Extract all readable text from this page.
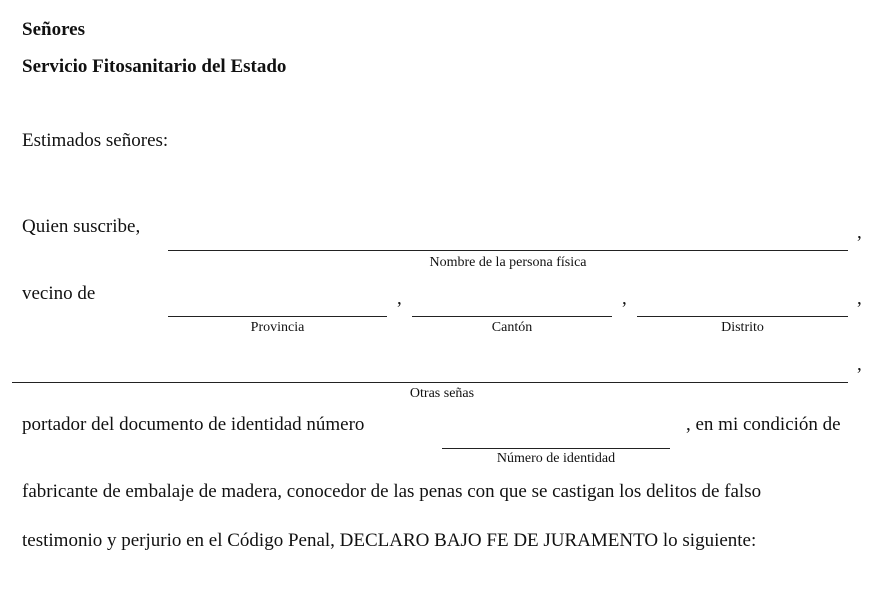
Señores
Servicio Fitosanitario del Estado
Estimados señores:
Quien suscribe,	,
Nombre de la persona física
vecino de	,	,	,
Provincia	Cantón	Distrito
,
Otras señas
portador del documento de identidad número	, en mi condición de
Número de identidad
fabricante de embalaje de madera, conocedor de las penas con que se castigan los delitos de falso
testimonio y perjurio en el Código Penal, DECLARO BAJO FE DE JURAMENTO lo siguiente:
